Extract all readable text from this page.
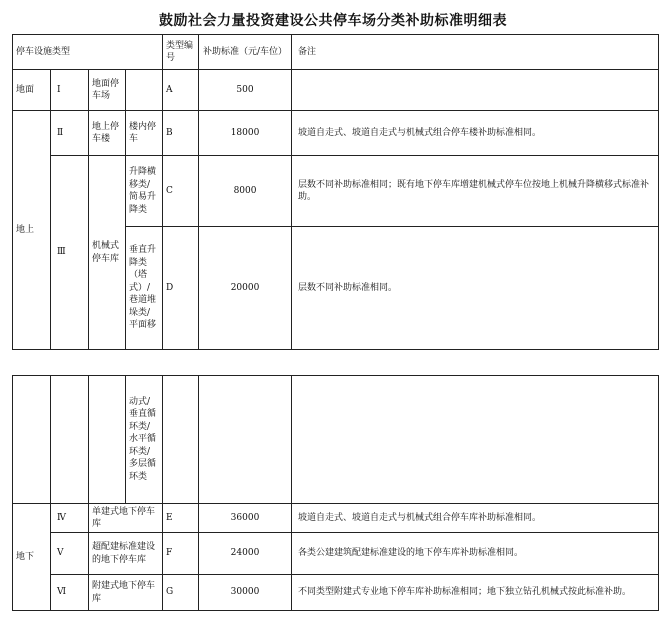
鼓励社会力量投资建设公共停车场分类补助标准明细表
停车设施类型				类型编号	补助标准（元/车位）	备注
地面	Ⅰ	地面停车场		A	500	
地上	Ⅱ	地上停车楼	楼内停车	B	18000	坡道自走式、坡道自走式与机械式组合停车楼补助标准相同。
	Ⅲ	机械式停车库	升降横移类/简易升降类	C	8000	层数不同补助标准相同；既有地下停车库增建机械式停车位按地上机械升降横移式标准补助。
			垂直升降类（塔式）/巷道堆垛类/平面移	D	20000	层数不同补助标准相同。
			动式/垂直循环类/水平循环类/多层循环类			
地下	Ⅳ	单建式地下停车库		E	36000	坡道自走式、坡道自走式与机械式组合停车库补助标准相同。
	Ⅴ	超配建标准建设的地下停车库		F	24000	各类公建建筑配建标准建设的地下停车库补助标准相同。
	Ⅵ	附建式地下停车库		G	30000	不同类型附建式专业地下停车库补助标准相同；地下独立钻孔机械式按此标准补助。
